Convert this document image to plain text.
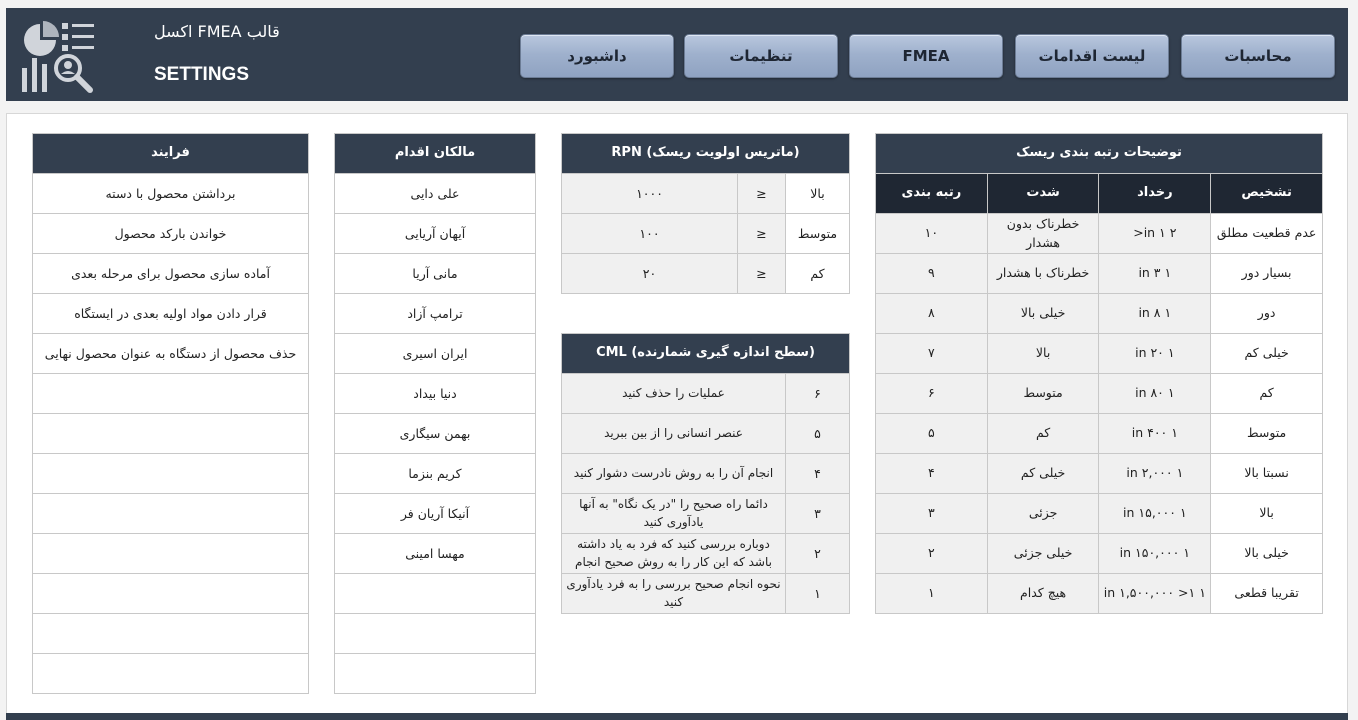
قالب FMEA اکسل
SETTINGS
محاسبات
لیست اقدامات
FMEA
تنظیمات
داشبورد
توضیحات رتبه بندی ریسک			
تشخیص	رخداد	شدت	رتبه بندی
عدم قطعیت مطلق	۲ in ۱<	خطرناک بدون هشدار	۱۰
بسیار دور	۱ in ۳	خطرناک با هشدار	۹
دور	۱ in ۸	خیلی بالا	۸
خیلی کم	۱ in ۲۰	بالا	۷
کم	۱ in ۸۰	متوسط	۶
متوسط	۱ in ۴۰۰	کم	۵
نسبتا بالا	۱ in ۲,۰۰۰	خیلی کم	۴
بالا	۱ in ۱۵,۰۰۰	جزئی	۳
خیلی بالا	۱ in ۱۵۰,۰۰۰	خیلی جزئی	۲
تقریبا قطعی	۱ in ۱,۵۰۰,۰۰۰ >۱	هیچ کدام	۱
(ماتریس اولویت ریسک) RPN		
بالا	≤	۱۰۰۰
متوسط	≤	۱۰۰
کم	≤	۲۰
(سطح اندازه گیری شمارنده) CML	
۶	عملیات را حذف کنید
۵	عنصر انسانی را از بین ببرید
۴	انجام آن را به روش نادرست دشوار کنید
۳	دائما راه صحیح را "در یک نگاه" به آنها یادآوری کنید
۲	دوباره بررسی کنید که فرد به یاد داشته باشد که این کار را به روش صحیح انجام
۱	نحوه انجام صحیح بررسی را به فرد یادآوری کنید
مالکان اقدام
علی دایی
آیهان آریایی
مانی آریا
ترامپ آزاد
ایران اسیری
دنیا بیداد
بهمن سیگاری
کریم بنزما
آنیکا آریان فر
مهسا امینی

فرایند
برداشتن محصول با دسته
خواندن بارکد محصول
آماده سازی محصول برای مرحله بعدی
قرار دادن مواد اولیه بعدی در ایستگاه
حذف محصول از دستگاه به عنوان محصول نهایی
